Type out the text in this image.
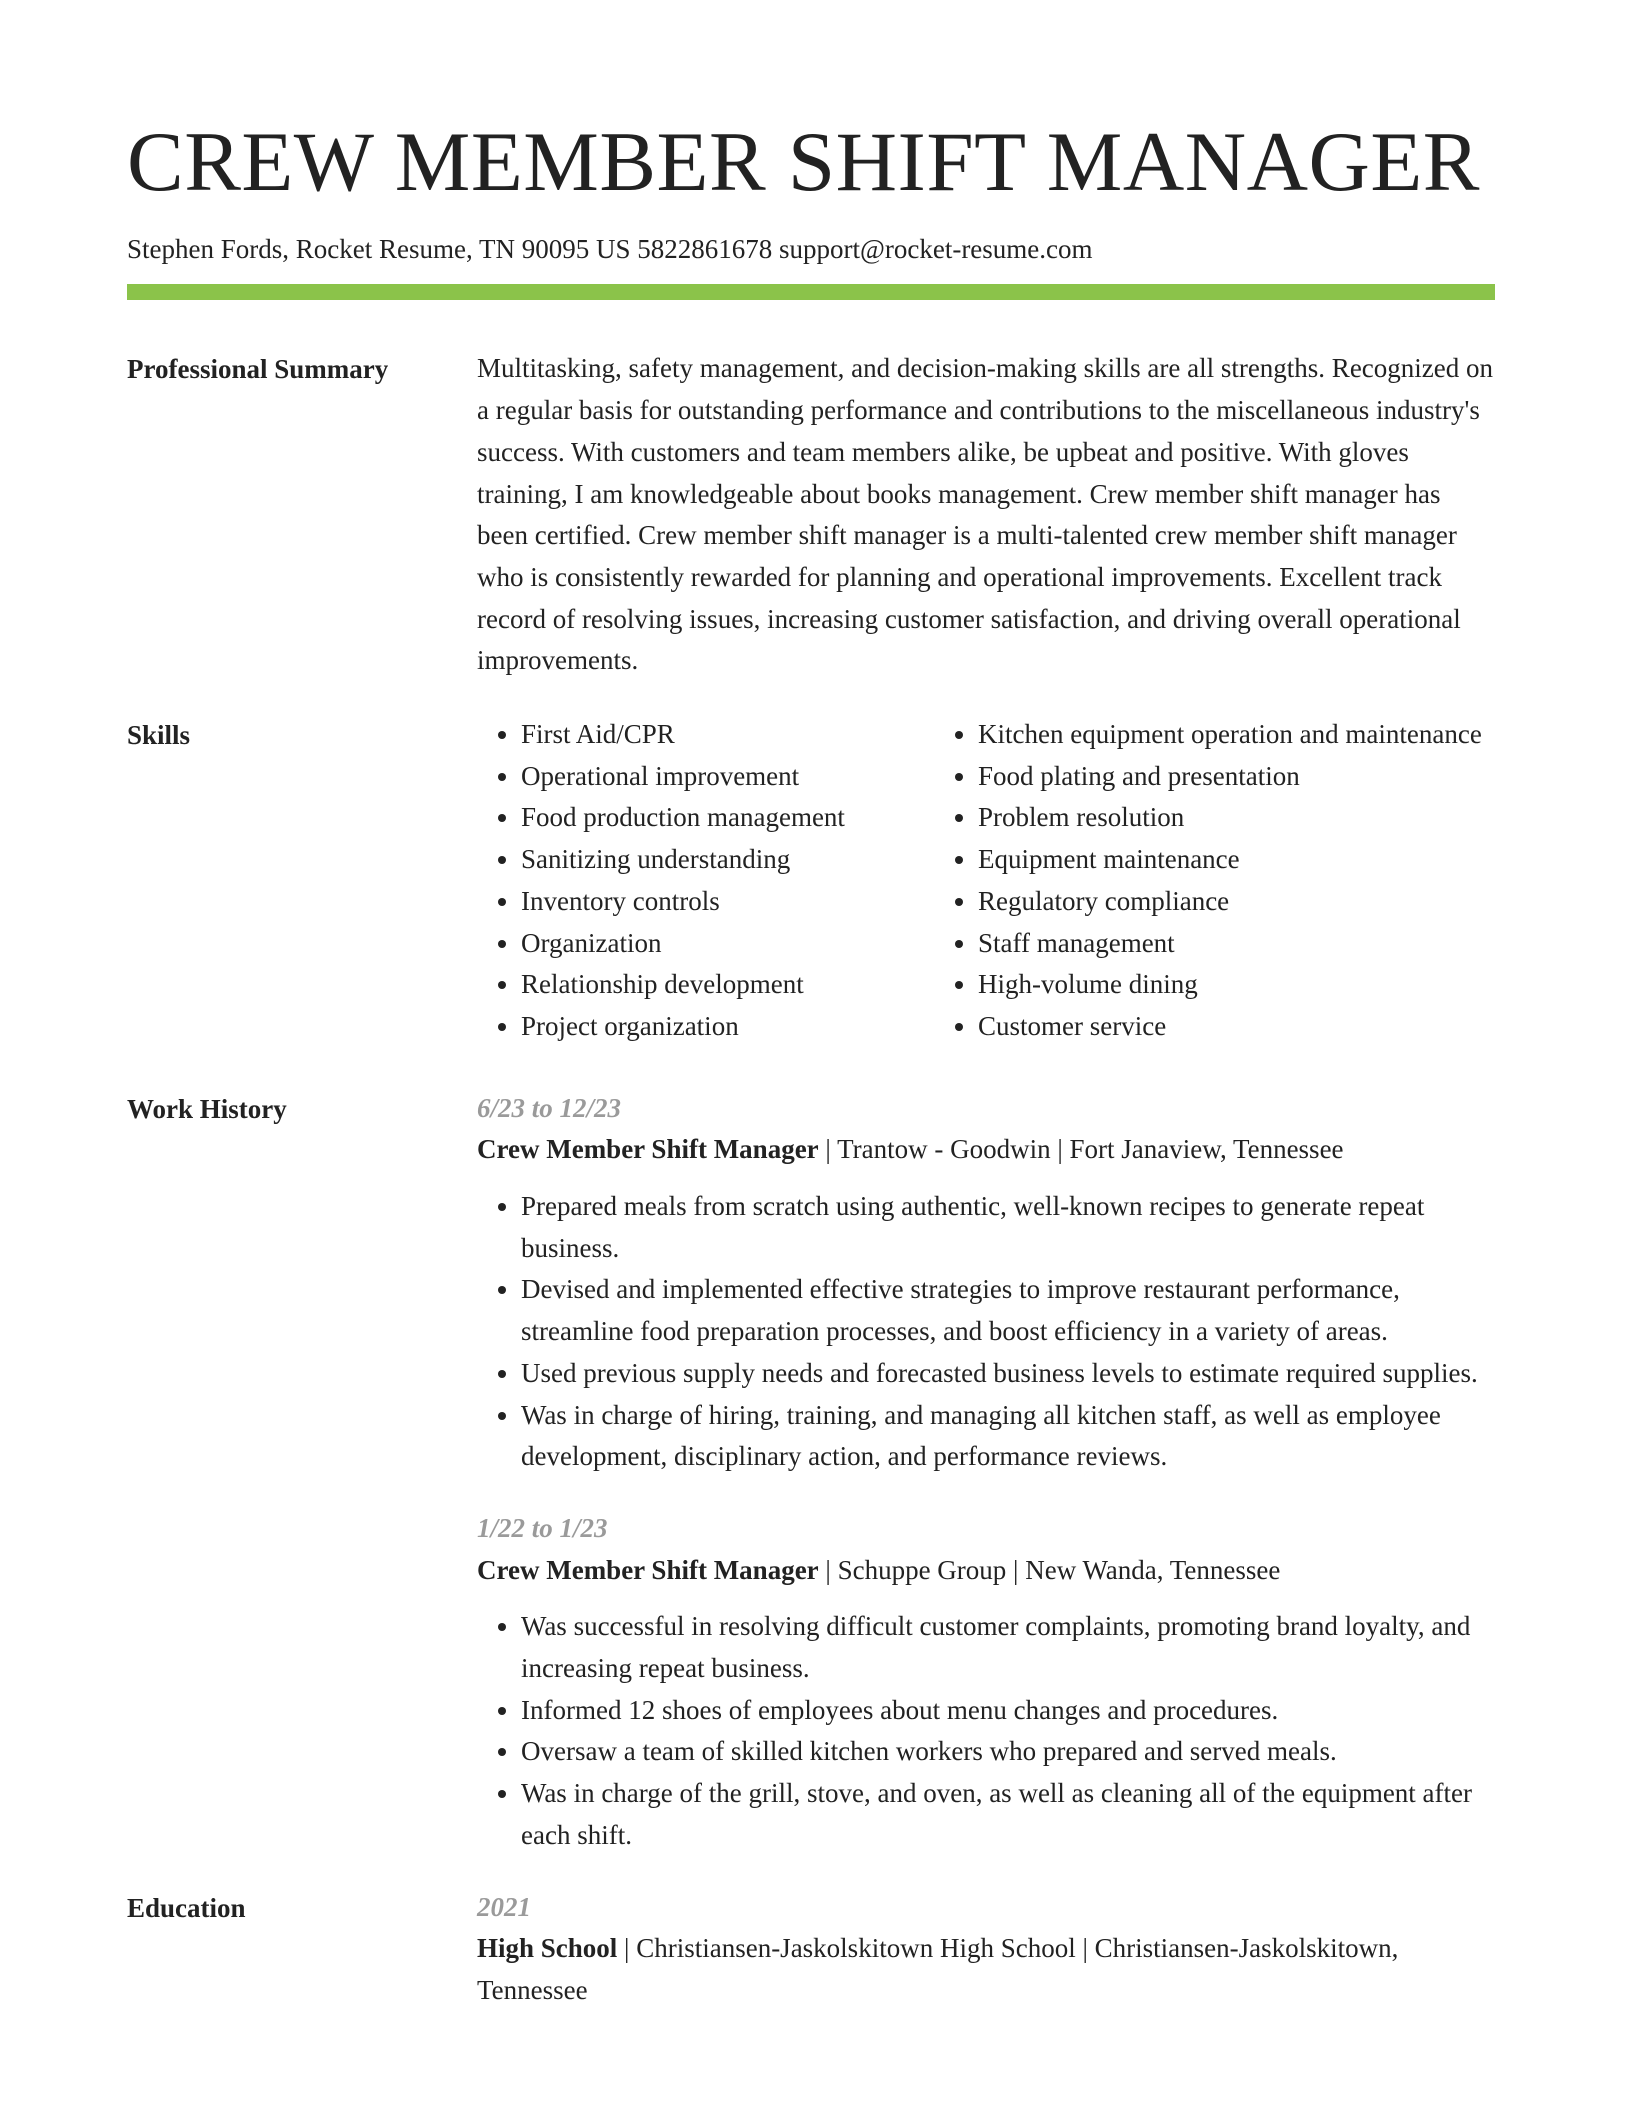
CREW MEMBER SHIFT MANAGER
Stephen Fords, Rocket Resume, TN 90095 US 5822861678 support@rocket-resume.com
Professional Summary	Multitasking, safety management, and decision-making skills are all strengths. Recognized on a regular basis for outstanding performance and contributions to the miscellaneous industry's success. With customers and team members alike, be upbeat and positive. With gloves training, I am knowledgeable about books management. Crew member shift manager has been certified. Crew member shift manager is a multi-talented crew member shift manager who is consistently rewarded for planning and operational improvements. Excellent track record of resolving issues, increasing customer satisfaction, and driving overall operational improvements.

Skills
•	First Aid/CPR
• Operational improvement
• Food production management
• Sanitizing understanding
• Inventory controls
• Organization
• Relationship development
• Project organization
• Kitchen equipment operation and maintenance
• Food plating and presentation
• Problem resolution
• Equipment maintenance
• Regulatory compliance
• Staff management
• High-volume dining
• Customer service
Work History	6/23 to 12/23
Crew Member Shift Manager | Trantow - Goodwin | Fort Janaview, Tennessee
• Prepared meals from scratch using authentic, well-known recipes to generate repeat business.
• Devised and implemented effective strategies to improve restaurant performance, streamline food preparation processes, and boost efficiency in a variety of areas.
• Used previous supply needs and forecasted business levels to estimate required supplies.
• Was in charge of hiring, training, and managing all kitchen staff, as well as employee development, disciplinary action, and performance reviews.
1/22 to 1/23
Crew Member Shift Manager | Schuppe Group | New Wanda, Tennessee
• Was successful in resolving difficult customer complaints, promoting brand loyalty, and increasing repeat business.
• Informed 12 shoes of employees about menu changes and procedures.
• Oversaw a team of skilled kitchen workers who prepared and served meals.
• Was in charge of the grill, stove, and oven, as well as cleaning all of the equipment after each shift.
Education	2021
High School | Christiansen-Jaskolskitown High School | Christiansen-Jaskolskitown, Tennessee
